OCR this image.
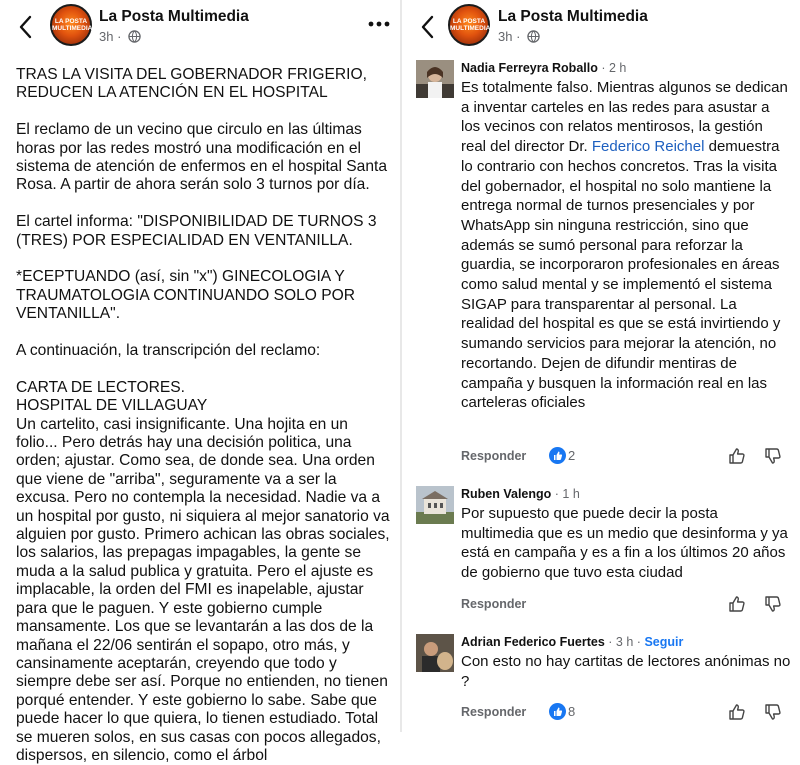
LA POSTA MULTIMEDIA
La Posta Multimedia
3h ·

TRAS LA VISITA DEL GOBERNADOR FRIGERIO, REDUCEN LA ATENCIÓN EN EL HOSPITAL

El reclamo de un vecino que circulo en las últimas horas por las redes mostró una modificación en el sistema de atención de enfermos en el hospital Santa Rosa. A partir de ahora serán solo 3 turnos por día.

El cartel informa: "DISPONIBILIDAD DE TURNOS 3 (TRES) POR ESPECIALIDAD EN VENTANILLA.

*ECEPTUANDO (así, sin "x") GINECOLOGIA Y TRAUMATOLOGIA CONTINUANDO SOLO POR VENTANILLA".

A continuación, la transcripción del reclamo:

CARTA DE LECTORES.
HOSPITAL DE VILLAGUAY
Un cartelito, casi insignificante. Una hojita en un folio... Pero detrás hay una decisión politica, una orden; ajustar. Como sea, de donde sea. Una orden que viene de "arriba", seguramente va a ser la excusa. Pero no contempla la necesidad. Nadie va a un hospital por gusto, ni siquiera al mejor sanatorio va alguien por gusto. Primero achican las obras sociales, los salarios, las prepagas impagables, la gente se muda a la salud publica y gratuita. Pero el ajuste es implacable, la orden del FMI es inapelable, ajustar para que le paguen. Y este gobierno cumple mansamente. Los que se levantarán a las dos de la mañana el 22/06 sentirán el sopapo, otro más, y cansinamente aceptarán, creyendo que todo y siempre debe ser así. Porque no entienden, no tienen porqué entender. Y este gobierno lo sabe. Sabe que puede hacer lo que quiera, lo tienen estudiado. Total se mueren solos, en sus casas con pocos allegados, dispersos, en silencio, como el árbol

LA POSTA MULTIMEDIA
La Posta Multimedia
3h ·
Nadia Ferreyra Roballo · 2 h
Es totalmente falso. Mientras algunos se dedican a inventar carteles en las redes para asustar a los vecinos con relatos mentirosos, la gestión real del director Dr. Federico Reichel demuestra lo contrario con hechos concretos. Tras la visita del gobernador, el hospital no solo mantiene la entrega normal de turnos presenciales y por WhatsApp sin ninguna restricción, sino que además se sumó personal para reforzar la guardia, se incorporaron profesionales en áreas como salud mental y se implementó el sistema SIGAP para transparentar al personal. La realidad del hospital es que se está invirtiendo y sumando servicios para mejorar la atención, no recortando. Dejen de difundir mentiras de campaña y busquen la información real en las carteleras oficiales
Responder	2
Ruben Valengo · 1 h
Por supuesto que puede decir la posta multimedia que es un medio que desinforma y ya está en campaña y es a fin a los últimos 20 años de gobierno que tuvo esta ciudad
Responder
Adrian Federico Fuertes · 3 h · Seguir
Con esto no hay cartitas de lectores anónimas no ?
Responder	8
